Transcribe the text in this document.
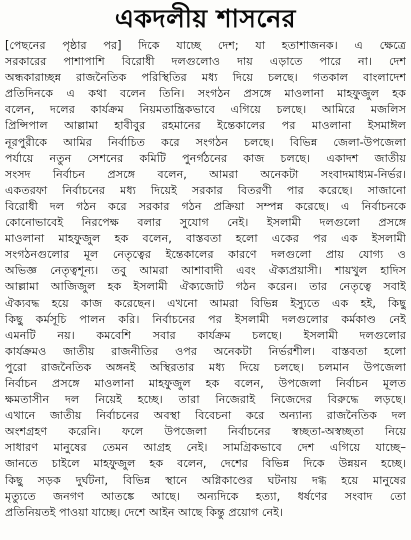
একদলীয় শাসনের
[পেছনের পৃষ্ঠার পর] দিকে যাচ্ছে দেশ; যা হতাশাজনক। এ ক্ষেত্রে
সরকারের পাশাপাশি বিরোধী দলগুলোও দায় এড়াতে পারে না। দেশ
অন্ধকারাচ্ছন্ন রাজনৈতিক পরিস্থিতির মধ্য দিয়ে চলছে। গতকাল বাংলাদেশ
প্রতিদিনকে এ কথা বলেন তিনি। সংগঠন প্রসঙ্গে মাওলানা মাহফুজুল হক
বলেন, দলের কার্যক্রম নিয়মতান্ত্রিকভাবে এগিয়ে চলছে। আমিরে মজলিস
প্রিন্সিপাল আল্লামা হাবীবুর রহমানের ইন্তেকালের পর মাওলানা ইসমাঈল
নূরপুরীকে আমির নির্বাচিত করে সংগঠন চলছে। বিভিন্ন জেলা-উপজেলা
পর্যায়ে নতুন সেশনের কমিটি পুনর্গঠনের কাজ চলছে। একাদশ জাতীয়
সংসদ নির্বাচন প্রসঙ্গে বলেন, আমরা অনেকটা সংবাদমাধ্যম-নির্ভর।
একতরফা নির্বাচনের মধ্য দিয়েই সরকার বিতরণী পার করেছে। সাজানো
বিরোধী দল গঠন করে সরকার গঠন প্রক্রিয়া সম্পন্ন করেছে। এ নির্বাচনকে
কোনোভাবেই নিরপেক্ষ বলার সুযোগ নেই। ইসলামী দলগুলো প্রসঙ্গে
মাওলানা মাহফুজুল হক বলেন, বাস্তবতা হলো একের পর এক ইসলামী
সংগঠনগুলোর মূল নেতৃত্বের ইন্তেকালের কারণে দলগুলো প্রায় যোগ্য ও
অভিজ্ঞ নেতৃত্বশূন্য। তবু আমরা আশাবাদী এবং ঐক্যপ্রয়াসী। শায়খুল হাদিস
আল্লামা আজিজুল হক ইসলামী ঐক্যজোট গঠন করেন। তার নেতৃত্বে সবাই
ঐক্যবদ্ধ হয়ে কাজ করেছেন। এখনো আমরা বিভিন্ন ইস্যুতে এক হই, কিছু
কিছু কর্মসূচি পালন করি। নির্বাচনের পর ইসলামী দলগুলোর কর্মকাণ্ড নেই
এমনটি নয়। কমবেশি সবার কার্যক্রম চলছে। ইসলামী দলগুলোর
কার্যক্রমও জাতীয় রাজনীতির ওপর অনেকটা নির্ভরশীল। বাস্তবতা হলো
পুরো রাজনৈতিক অঙ্গনই অস্থিরতার মধ্য দিয়ে চলছে। চলমান উপজেলা
নির্বাচন প্রসঙ্গে মাওলানা মাহফুজুল হক বলেন, উপজেলা নির্বাচন মূলত
ক্ষমতাসীন দল নিয়েই হচ্ছে। তারা নিজেরাই নিজেদের বিরুদ্ধে লড়ছে।
এখানে জাতীয় নির্বাচনের অবস্থা বিবেচনা করে অন্যান্য রাজনৈতিক দল
অংশগ্রহণ করেনি। ফলে উপজেলা নির্বাচনের স্বচ্ছতা-অস্বচ্ছতা নিয়ে
সাধারণ মানুষের তেমন আগ্রহ নেই। সামগ্রিকভাবে দেশ এগিয়ে যাচ্ছে–
জানতে চাইলে মাহফুজুল হক বলেন, দেশের বিভিন্ন দিকে উন্নয়ন হচ্ছে।
কিছু সড়ক দুর্ঘটনা, বিভিন্ন স্থানে অগ্নিকাণ্ডের ঘটনায় দগ্ধ হয়ে মানুষের
মৃত্যুতে জনগণ আতঙ্কে আছে। অন্যদিকে হত্যা, ধর্ষণের সংবাদ তো
প্রতিনিয়তই পাওয়া যাচ্ছে। দেশে আইন আছে কিন্তু প্রয়োগ নেই।
